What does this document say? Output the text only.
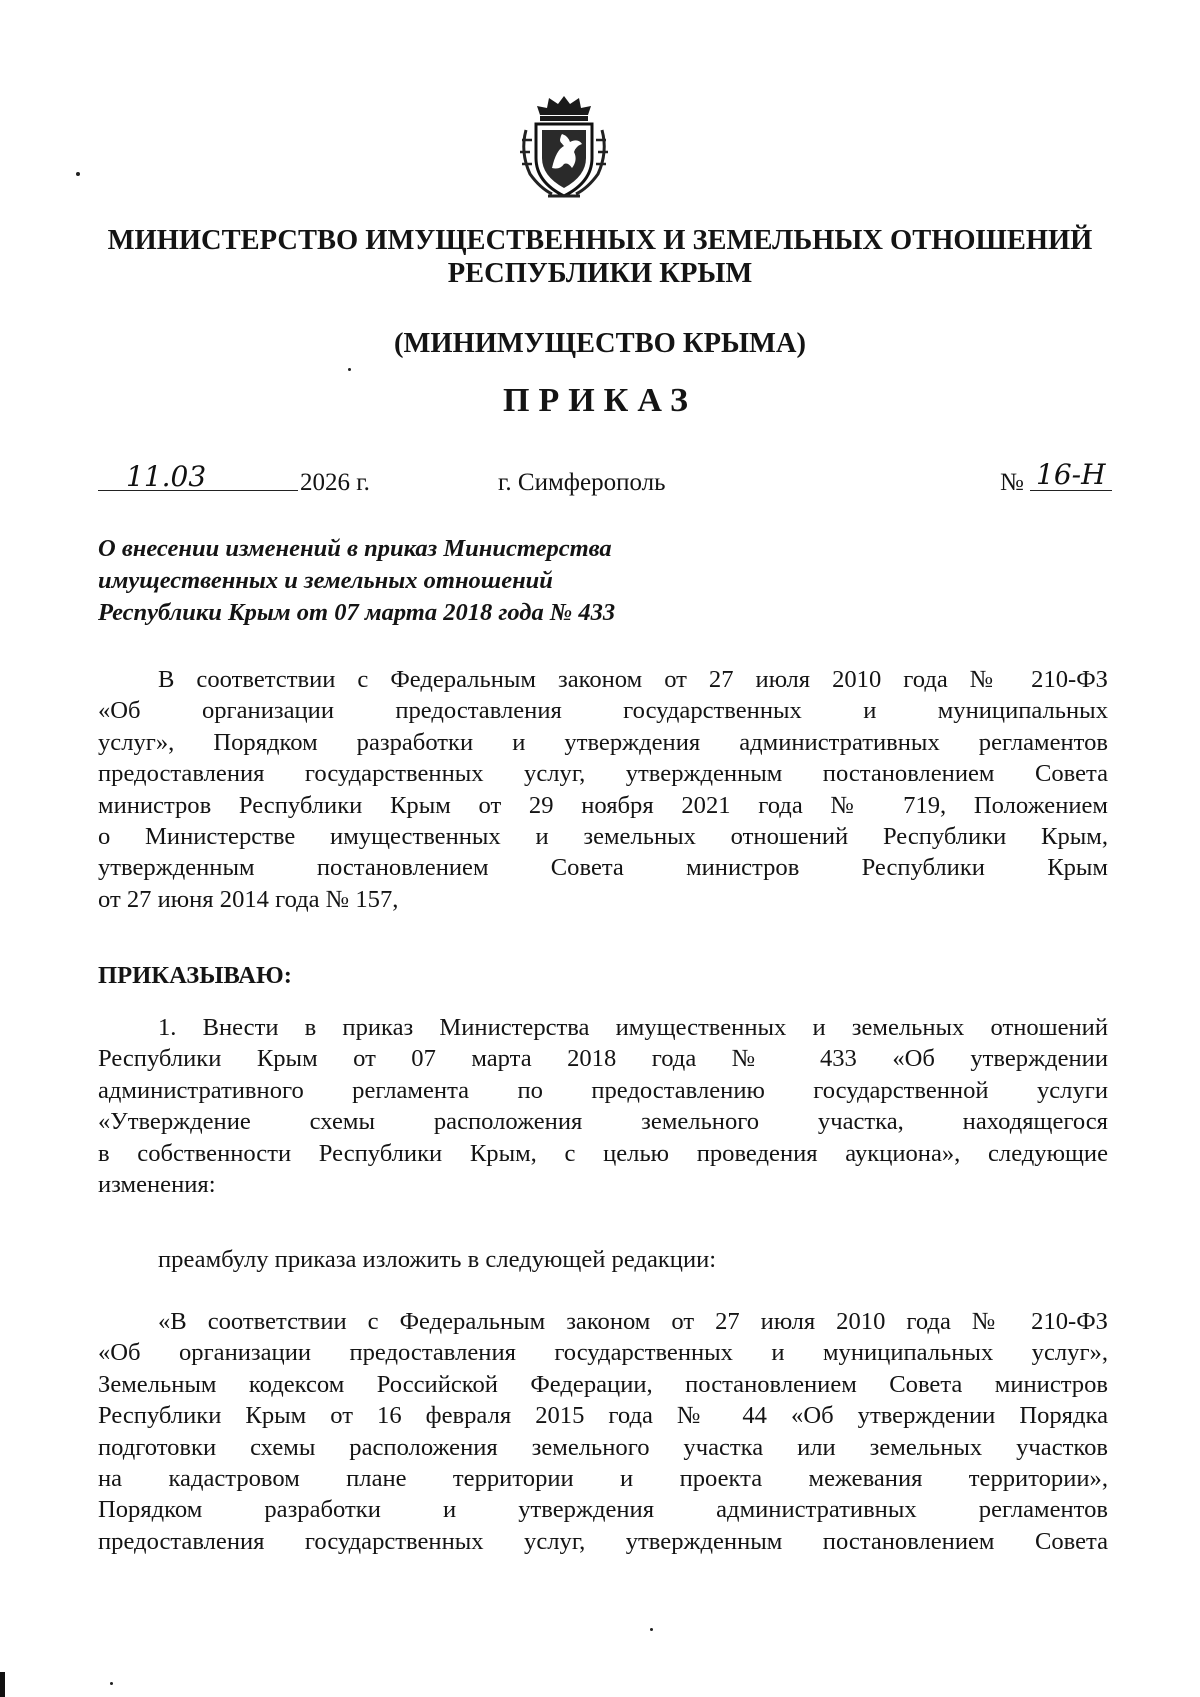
МИНИСТЕРСТВО ИМУЩЕСТВЕННЫХ И ЗЕМЕЛЬНЫХ ОТНОШЕНИЙ
РЕСПУБЛИКИ КРЫМ
(МИНИМУЩЕСТВО КРЫМА)
ПРИКАЗ
11.03	2026 г.	г. Симферополь	№ 16-Н

О внесении изменений в приказ Министерства
имущественных и земельных отношений
Республики Крым от 07 марта 2018 года № 433

В соответствии с Федеральным законом от 27 июля 2010 года № 210-ФЗ
«Об организации предоставления государственных и муниципальных
услуг», Порядком разработки и утверждения административных регламентов
предоставления государственных услуг, утвержденным постановлением Совета
министров Республики Крым от 29 ноября 2021 года № 719, Положением
о Министерстве имущественных и земельных отношений Республики Крым,
утвержденным постановлением Совета министров Республики Крым
от 27 июня 2014 года № 157,

ПРИКАЗЫВАЮ:

1. Внести в приказ Министерства имущественных и земельных отношений
Республики Крым от 07 марта 2018 года № 433 «Об утверждении
административного регламента по предоставлению государственной услуги
«Утверждение схемы расположения земельного участка, находящегося
в собственности Республики Крым, с целью проведения аукциона», следующие
изменения:

преамбулу приказа изложить в следующей редакции:

«В соответствии с Федеральным законом от 27 июля 2010 года № 210-ФЗ
«Об организации предоставления государственных и муниципальных услуг»,
Земельным кодексом Российской Федерации, постановлением Совета министров
Республики Крым от 16 февраля 2015 года № 44 «Об утверждении Порядка
подготовки схемы расположения земельного участка или земельных участков
на кадастровом плане территории и проекта межевания территории»,
Порядком разработки и утверждения административных регламентов
предоставления государственных услуг, утвержденным постановлением Совета
